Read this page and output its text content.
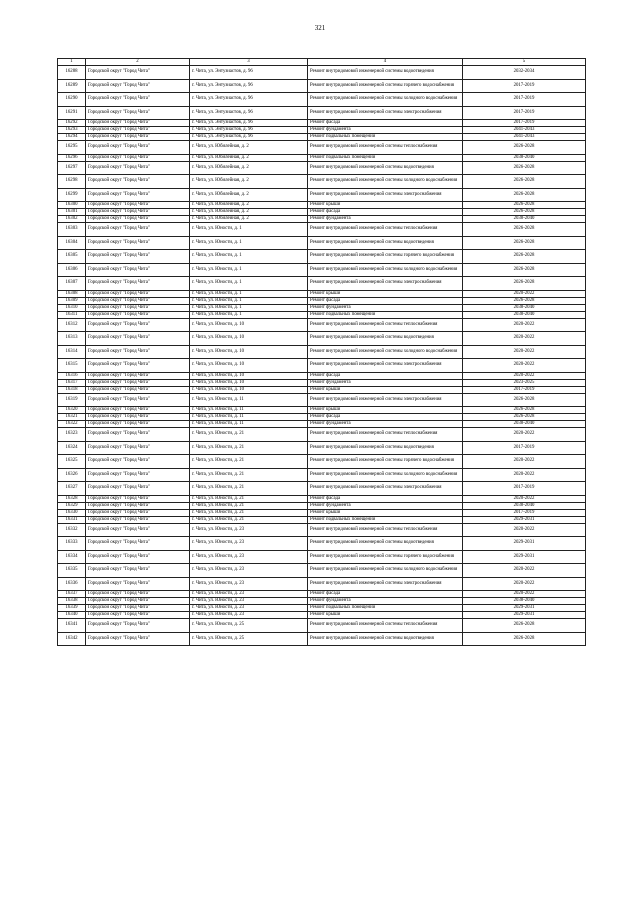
321
1	2	3	4	5
16288	Городской округ "Город Чита"	г. Чита, ул. Энтузиастов, д. 96	Ремонт внутридомовой инженерной системы водоотведения	2032-2034
16289	Городской округ "Город Чита"	г. Чита, ул. Энтузиастов, д. 96	Ремонт внутридомовой инженерной системы горячего водоснабжения	2017-2019
16290	Городской округ "Город Чита"	г. Чита, ул. Энтузиастов, д. 96	Ремонт внутридомовой инженерной системы холодного водоснабжения	2017-2019
16291	Городской округ "Город Чита"	г. Чита, ул. Энтузиастов, д. 96	Ремонт внутридомовой инженерной системы электроснабжения	2017-2019
16292	Городской округ "Город Чита"	г. Чита, ул. Энтузиастов, д. 96	Ремонт фасада	2017-2019
16293	Городской округ "Город Чита"	г. Чита, ул. Энтузиастов, д. 96	Ремонт фундамента	2041-2043
16294	Городской округ "Город Чита"	г. Чита, ул. Энтузиастов, д. 96	Ремонт подвальных помещений	2041-2043
16295	Городской округ "Город Чита"	г. Чита, ул. Юбилейная, д. 2	Ремонт внутридомовой инженерной системы теплоснабжения	2026-2028
16296	Городской округ "Город Чита"	г. Чита, ул. Юбилейная, д. 2	Ремонт подвальных помещений	2038-2040
16297	Городской округ "Город Чита"	г. Чита, ул. Юбилейная, д. 2	Ремонт внутридомовой инженерной системы водоотведения	2026-2028
16298	Городской округ "Город Чита"	г. Чита, ул. Юбилейная, д. 2	Ремонт внутридомовой инженерной системы холодного водоснабжения	2026-2028
16299	Городской округ "Город Чита"	г. Чита, ул. Юбилейная, д. 2	Ремонт внутридомовой инженерной системы электроснабжения	2026-2028
16300	Городской округ "Город Чита"	г. Чита, ул. Юбилейная, д. 2	Ремонт крыши	2026-2028
16301	Городской округ "Город Чита"	г. Чита, ул. Юбилейная, д. 2	Ремонт фасада	2026-2028
16302	Городской округ "Город Чита"	г. Чита, ул. Юбилейная, д. 2	Ремонт фундамента	2038-2040
16303	Городской округ "Город Чита"	г. Чита, ул. Юности, д. 1	Ремонт внутридомовой инженерной системы теплоснабжения	2026-2028
16304	Городской округ "Город Чита"	г. Чита, ул. Юности, д. 1	Ремонт внутридомовой инженерной системы водоотведения	2026-2028
16305	Городской округ "Город Чита"	г. Чита, ул. Юности, д. 1	Ремонт внутридомовой инженерной системы горячего водоснабжения	2026-2028
16306	Городской округ "Город Чита"	г. Чита, ул. Юности, д. 1	Ремонт внутридомовой инженерной системы холодного водоснабжения	2026-2028
16307	Городской округ "Город Чита"	г. Чита, ул. Юности, д. 1	Ремонт внутридомовой инженерной системы электроснабжения	2026-2028
16308	Городской округ "Город Чита"	г. Чита, ул. Юности, д. 1	Ремонт крыши	2020-2022
16309	Городской округ "Город Чита"	г. Чита, ул. Юности, д. 1	Ремонт фасада	2026-2028
16310	Городской округ "Город Чита"	г. Чита, ул. Юности, д. 1	Ремонт фундамента	2038-2040
16311	Городской округ "Город Чита"	г. Чита, ул. Юности, д. 1	Ремонт подвальных помещений	2038-2040
16312	Городской округ "Город Чита"	г. Чита, ул. Юности, д. 10	Ремонт внутридомовой инженерной системы теплоснабжения	2020-2022
16313	Городской округ "Город Чита"	г. Чита, ул. Юности, д. 10	Ремонт внутридомовой инженерной системы водоотведения	2020-2022
16314	Городской округ "Город Чита"	г. Чита, ул. Юности, д. 10	Ремонт внутридомовой инженерной системы холодного водоснабжения	2020-2022
16315	Городской округ "Город Чита"	г. Чита, ул. Юности, д. 10	Ремонт внутридомовой инженерной системы электроснабжения	2020-2022
16316	Городской округ "Город Чита"	г. Чита, ул. Юности, д. 10	Ремонт фасада	2020-2022
16317	Городской округ "Город Чита"	г. Чита, ул. Юности, д. 10	Ремонт фундамента	2023-2025
16318	Городской округ "Город Чита"	г. Чита, ул. Юности, д. 10	Ремонт крыши	2017-2019
16319	Городской округ "Город Чита"	г. Чита, ул. Юности, д. 11	Ремонт внутридомовой инженерной системы электроснабжения	2026-2028
16320	Городской округ "Город Чита"	г. Чита, ул. Юности, д. 11	Ремонт крыши	2026-2028
16321	Городской округ "Город Чита"	г. Чита, ул. Юности, д. 11	Ремонт фасада	2026-2028
16322	Городской округ "Город Чита"	г. Чита, ул. Юности, д. 11	Ремонт фундамента	2038-2040
16323	Городской округ "Город Чита"	г. Чита, ул. Юности, д. 21	Ремонт внутридомовой инженерной системы теплоснабжения	2020-2022
16324	Городской округ "Город Чита"	г. Чита, ул. Юности, д. 21	Ремонт внутридомовой инженерной системы водоотведения	2017-2019
16325	Городской округ "Город Чита"	г. Чита, ул. Юности, д. 21	Ремонт внутридомовой инженерной системы горячего водоснабжения	2020-2022
16326	Городской округ "Город Чита"	г. Чита, ул. Юности, д. 21	Ремонт внутридомовой инженерной системы холодного водоснабжения	2020-2022
16327	Городской округ "Город Чита"	г. Чита, ул. Юности, д. 21	Ремонт внутридомовой инженерной системы электроснабжения	2017-2019
16328	Городской округ "Город Чита"	г. Чита, ул. Юности, д. 21	Ремонт фасада	2020-2022
16329	Городской округ "Город Чита"	г. Чита, ул. Юности, д. 21	Ремонт фундамента	2038-2040
16330	Городской округ "Город Чита"	г. Чита, ул. Юности, д. 21	Ремонт крыши	2017-2019
16331	Городской округ "Город Чита"	г. Чита, ул. Юности, д. 21	Ремонт подвальных помещений	2029-2031
16332	Городской округ "Город Чита"	г. Чита, ул. Юности, д. 23	Ремонт внутридомовой инженерной системы теплоснабжения	2020-2022
16333	Городской округ "Город Чита"	г. Чита, ул. Юности, д. 23	Ремонт внутридомовой инженерной системы водоотведения	2029-2031
16334	Городской округ "Город Чита"	г. Чита, ул. Юности, д. 23	Ремонт внутридомовой инженерной системы горячего водоснабжения	2029-2031
16335	Городской округ "Город Чита"	г. Чита, ул. Юности, д. 23	Ремонт внутридомовой инженерной системы холодного водоснабжения	2020-2022
16336	Городской округ "Город Чита"	г. Чита, ул. Юности, д. 23	Ремонт внутридомовой инженерной системы электроснабжения	2020-2022
16337	Городской округ "Город Чита"	г. Чита, ул. Юности, д. 23	Ремонт фасада	2020-2022
16338	Городской округ "Город Чита"	г. Чита, ул. Юности, д. 23	Ремонт фундамента	2038-2040
16339	Городской округ "Город Чита"	г. Чита, ул. Юности, д. 23	Ремонт подвальных помещений	2029-2031
16340	Городской округ "Город Чита"	г. Чита, ул. Юности, д. 23	Ремонт крыши	2029-2031
16341	Городской округ "Город Чита"	г. Чита, ул. Юности, д. 25	Ремонт внутридомовой инженерной системы теплоснабжения	2026-2028
16342	Городской округ "Город Чита"	г. Чита, ул. Юности, д. 25	Ремонт внутридомовой инженерной системы водоотведения	2026-2028
